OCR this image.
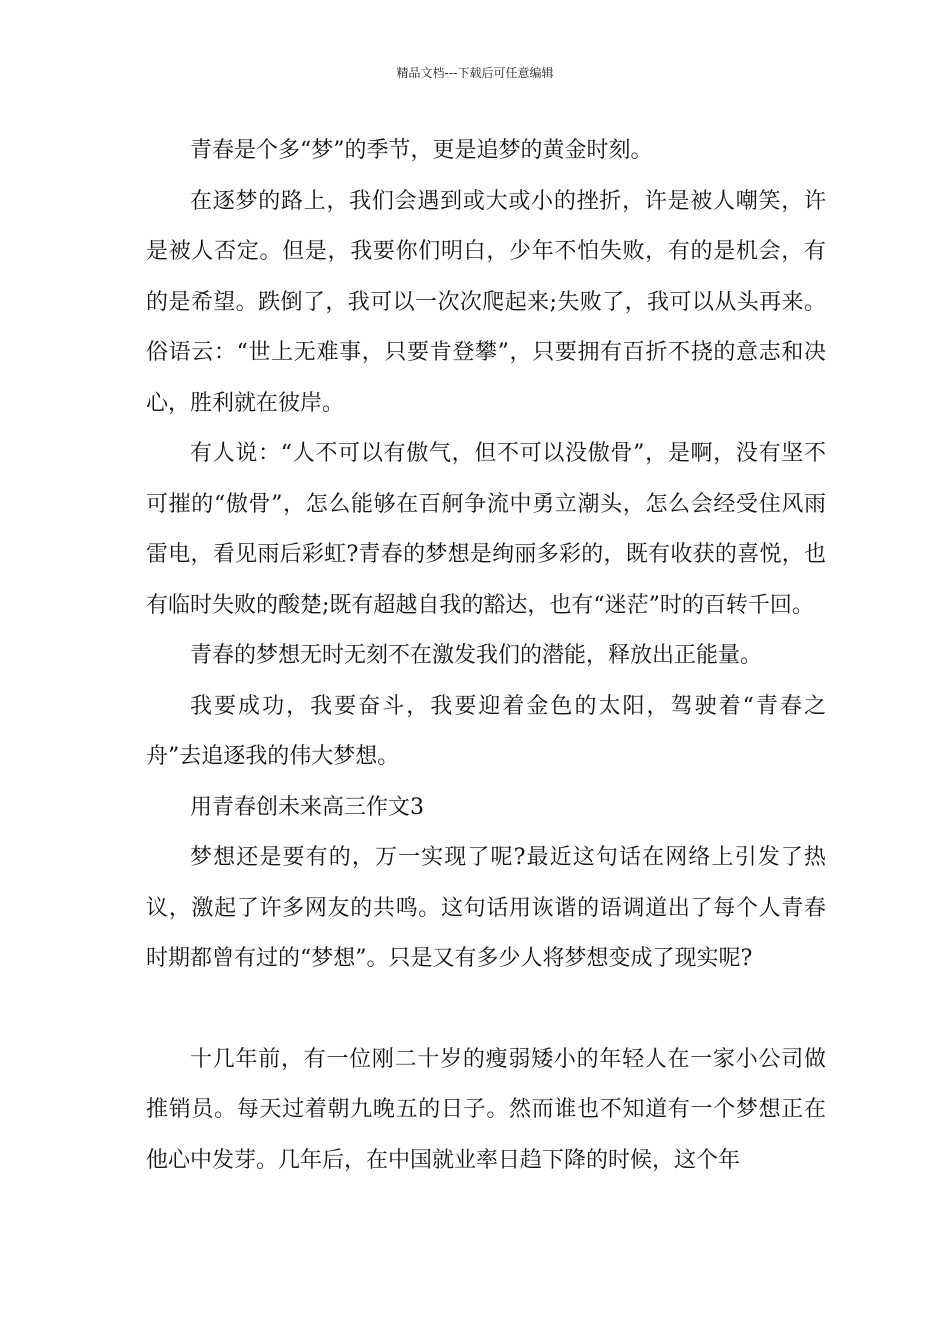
精品文档---下载后可任意编辑

青春是个多“梦”的季节，更是追梦的黄金时刻。

在逐梦的路上，我们会遇到或大或小的挫折，许是被人嘲笑，许是被人否定。但是，我要你们明白，少年不怕失败，有的是机会，有的是希望。跌倒了，我可以一次次爬起来;失败了，我可以从头再来。俗语云：“世上无难事，只要肯登攀”，只要拥有百折不挠的意志和决心，胜利就在彼岸。

有人说：“人不可以有傲气，但不可以没傲骨”，是啊，没有坚不可摧的“傲骨”，怎么能够在百舸争流中勇立潮头，怎么会经受住风雨雷电，看见雨后彩虹?青春的梦想是绚丽多彩的，既有收获的喜悦，也有临时失败的酸楚;既有超越自我的豁达，也有“迷茫”时的百转千回。

青春的梦想无时无刻不在激发我们的潜能，释放出正能量。

我要成功，我要奋斗，我要迎着金色的太阳，驾驶着“青春之舟”去追逐我的伟大梦想。

用青春创未来高三作文3

梦想还是要有的，万一实现了呢?最近这句话在网络上引发了热议，激起了许多网友的共鸣。这句话用诙谐的语调道出了每个人青春时期都曾有过的“梦想”。只是又有多少人将梦想变成了现实呢?

十几年前，有一位刚二十岁的瘦弱矮小的年轻人在一家小公司做推销员。每天过着朝九晚五的日子。然而谁也不知道有一个梦想正在他心中发芽。几年后，在中国就业率日趋下降的时候，这个年
